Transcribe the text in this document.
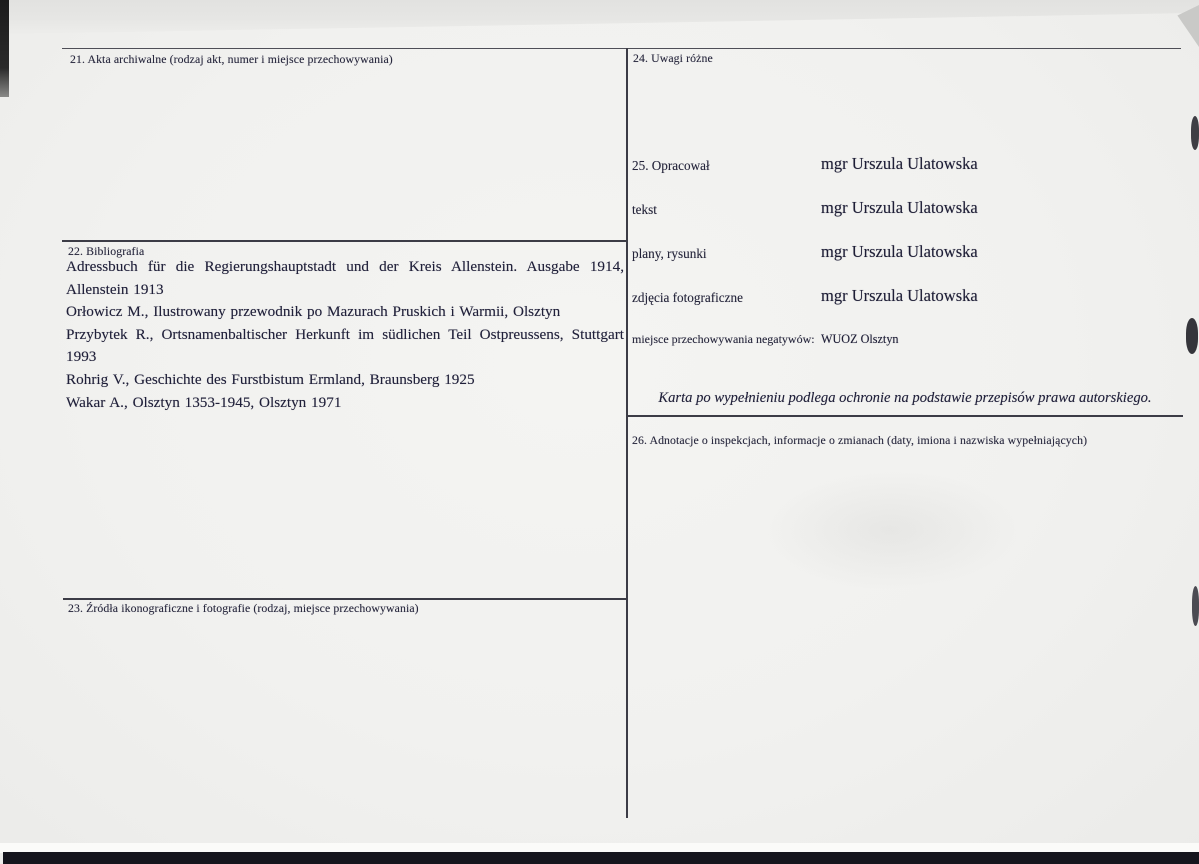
21. Akta archiwalne (rodzaj akt, numer i miejsce przechowywania)
22. Bibliografia
Adressbuch für die Regierungshauptstadt und der Kreis Allenstein. Ausgabe 1914, Allenstein 1913
Orłowicz M., Ilustrowany przewodnik po Mazurach Pruskich i Warmii, Olsztyn
Przybytek R., Ortsnamenbaltischer Herkunft im südlichen Teil Ostpreussens, Stuttgart 1993
Rohrig V., Geschichte des Furstbistum Ermland, Braunsberg 1925
Wakar A., Olsztyn 1353-1945, Olsztyn 1971
23. Źródła ikonograficzne i fotografie (rodzaj, miejsce przechowywania)
24. Uwagi różne
25. Opracował	mgr Urszula Ulatowska
tekst	mgr Urszula Ulatowska
plany, rysunki	mgr Urszula Ulatowska
zdjęcia fotograficzne	mgr Urszula Ulatowska
miejsce przechowywania negatywów: WUOZ Olsztyn
Karta po wypełnieniu podlega ochronie na podstawie przepisów prawa autorskiego.
26. Adnotacje o inspekcjach, informacje o zmianach (daty, imiona i nazwiska wypełniających)
